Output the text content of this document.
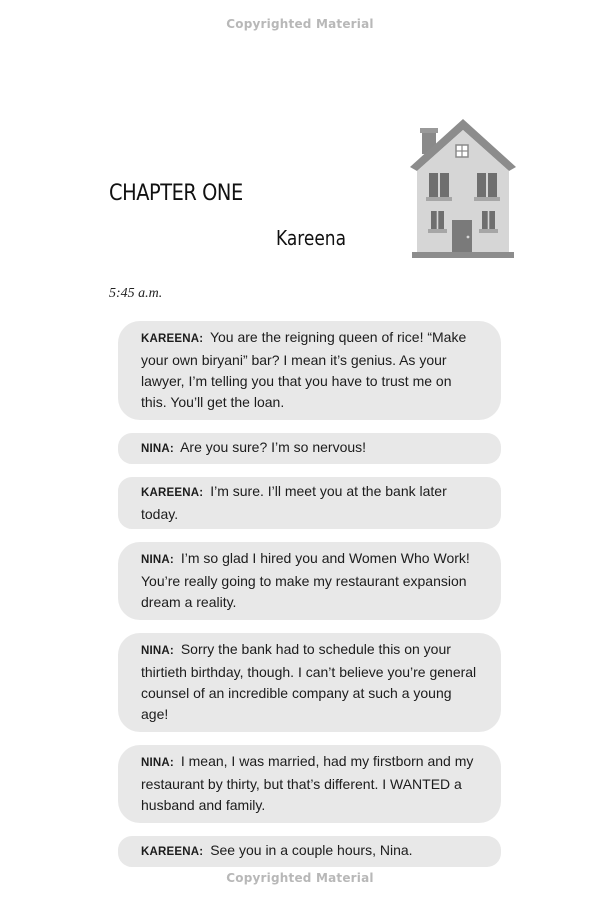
Copyrighted Material
CHAPTER ONE
Kareena
5:45 a.m.
KAREENA: You are the reigning queen of rice! “Make your own biryani” bar? I mean it’s genius. As your lawyer, I’m telling you that you have to trust me on this. You’ll get the loan.
NINA: Are you sure? I’m so nervous!
KAREENA: I’m sure. I’ll meet you at the bank later today.
NINA: I’m so glad I hired you and Women Who Work! You’re really going to make my restaurant expansion dream a reality.
NINA: Sorry the bank had to schedule this on your thirtieth birthday, though. I can’t believe you’re general counsel of an incredible company at such a young age!
NINA: I mean, I was married, had my firstborn and my restaurant by thirty, but that’s different. I WANTED a husband and family.
KAREENA: See you in a couple hours, Nina.
Copyrighted Material
